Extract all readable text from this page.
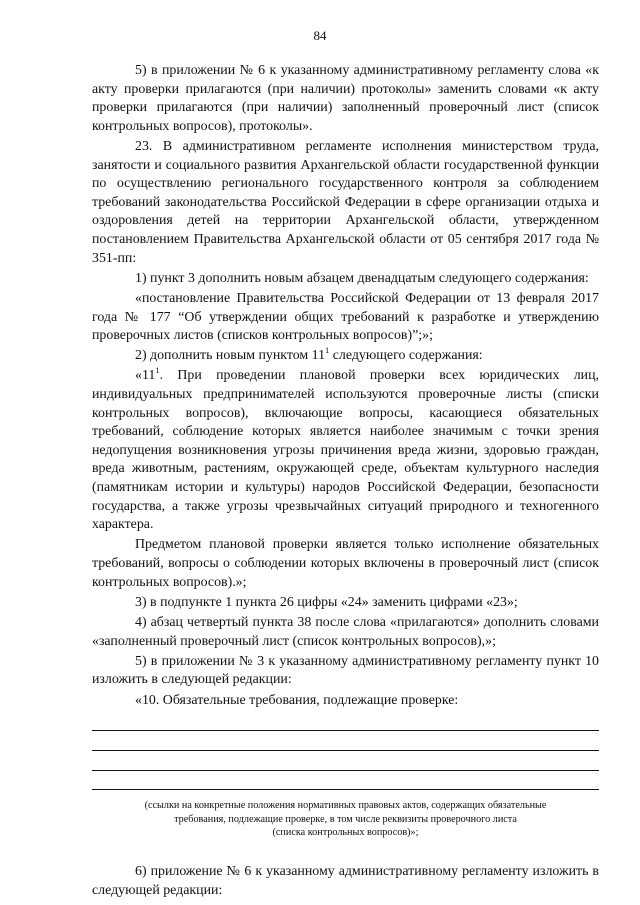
84

5) в приложении № 6 к указанному административному регламенту слова «к акту проверки прилагаются (при наличии) протоколы» заменить словами «к акту проверки прилагаются (при наличии) заполненный проверочный лист (список контрольных вопросов), протоколы».

23. В административном регламенте исполнения министерством труда, занятости и социального развития Архангельской области государственной функции по осуществлению регионального государственного контроля за соблюдением требований законодательства Российской Федерации в сфере организации отдыха и оздоровления детей на территории Архангельской области, утвержденном постановлением Правительства Архангельской области от 05 сентября 2017 года № 351-пп:

1) пункт 3 дополнить новым абзацем двенадцатым следующего содержания:

«постановление Правительства Российской Федерации от 13 февраля 2017 года № 177 “Об утверждении общих требований к разработке и утверждению проверочных листов (списков контрольных вопросов)”;»;

2) дополнить новым пунктом $11^1$ следующего содержания:

«$11^1$. При проведении плановой проверки всех юридических лиц, индивидуальных предпринимателей используются проверочные листы (списки контрольных вопросов), включающие вопросы, касающиеся обязательных требований, соблюдение которых является наиболее значимым с точки зрения недопущения возникновения угрозы причинения вреда жизни, здоровью граждан, вреда животным, растениям, окружающей среде, объектам культурного наследия (памятникам истории и культуры) народов Российской Федерации, безопасности государства, а также угрозы чрезвычайных ситуаций природного и техногенного характера.

Предметом плановой проверки является только исполнение обязательных требований, вопросы о соблюдении которых включены в проверочный лист (список контрольных вопросов).»;

3) в подпункте 1 пункта 26 цифры «24» заменить цифрами «23»;

4) абзац четвертый пункта 38 после слова «прилагаются» дополнить словами «заполненный проверочный лист (список контрольных вопросов),»;

5) в приложении № 3 к указанному административному регламенту пункт 10 изложить в следующей редакции:

«10. Обязательные требования, подлежащие проверке:

(ссылки на конкретные положения нормативных правовых актов, содержащих обязательные
требования, подлежащие проверке, в том числе реквизиты проверочного листа
(списка контрольных вопросов)»;

6) приложение № 6 к указанному административному регламенту изложить в следующей редакции:
